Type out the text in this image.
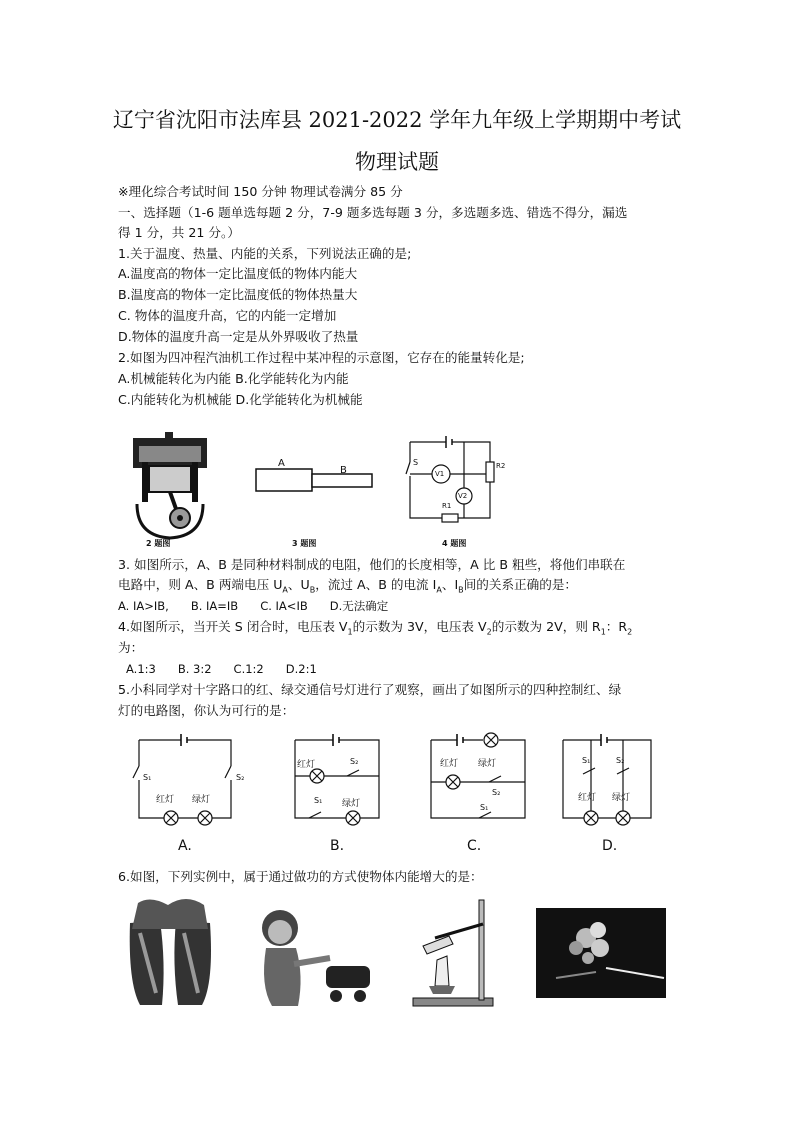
辽宁省沈阳市法库县 2021-2022 学年九年级上学期期中考试
物理试题
※理化综合考试时间 150 分钟 物理试卷满分 85 分
一、选择题（1-6 题单选每题 2 分，7-9 题多选每题 3 分，多选题多选、错选不得分，漏选
得 1 分，共 21 分。）
1.关于温度、热量、内能的关系，下列说法正确的是;
A.温度高的物体一定比温度低的物体内能大
B.温度高的物体一定比温度低的物体热量大
C. 物体的温度升高，它的内能一定增加
D.物体的温度升高一定是从外界吸收了热量
2.如图为四冲程汽油机工作过程中某冲程的示意图，它存在的能量转化是;
A.机械能转化为内能 B.化学能转化为内能
C.内能转化为机械能 D.化学能转化为机械能
2 题图
A
B
3 题图
S
V1
V2
R1
R2
4 题图
3. 如图所示，A、B 是同种材料制成的电阻，他们的长度相等，A 比 B 粗些，将他们串联在
电路中，则 A、B 两端电压 $U_A$、$U_B$，流过 A、B 的电流 $I_A$、$I_B$间的关系正确的是：
A. IA>IB, B. IA=IB C. IA<IB D.无法确定
4.如图所示，当开关 S 闭合时，电压表 $V_1$的示数为 3V，电压表 $V_2$的示数为 2V，则 $R_1$：$R_2$
为：
A.1:3 B. 3:2 C.1:2 D.2:1
5.小科同学对十字路口的红、绿交通信号灯进行了观察，画出了如图所示的四种控制红、绿
灯的电路图，你认为可行的是：
S₁	S₂
红灯 绿灯
A.
红灯	S₂
S₁ 绿灯
B.
红灯 绿灯
S₂
S₁
C.
S₁	S₂
红灯 绿灯
D.
6.如图，下列实例中，属于通过做功的方式使物体内能增大的是：
